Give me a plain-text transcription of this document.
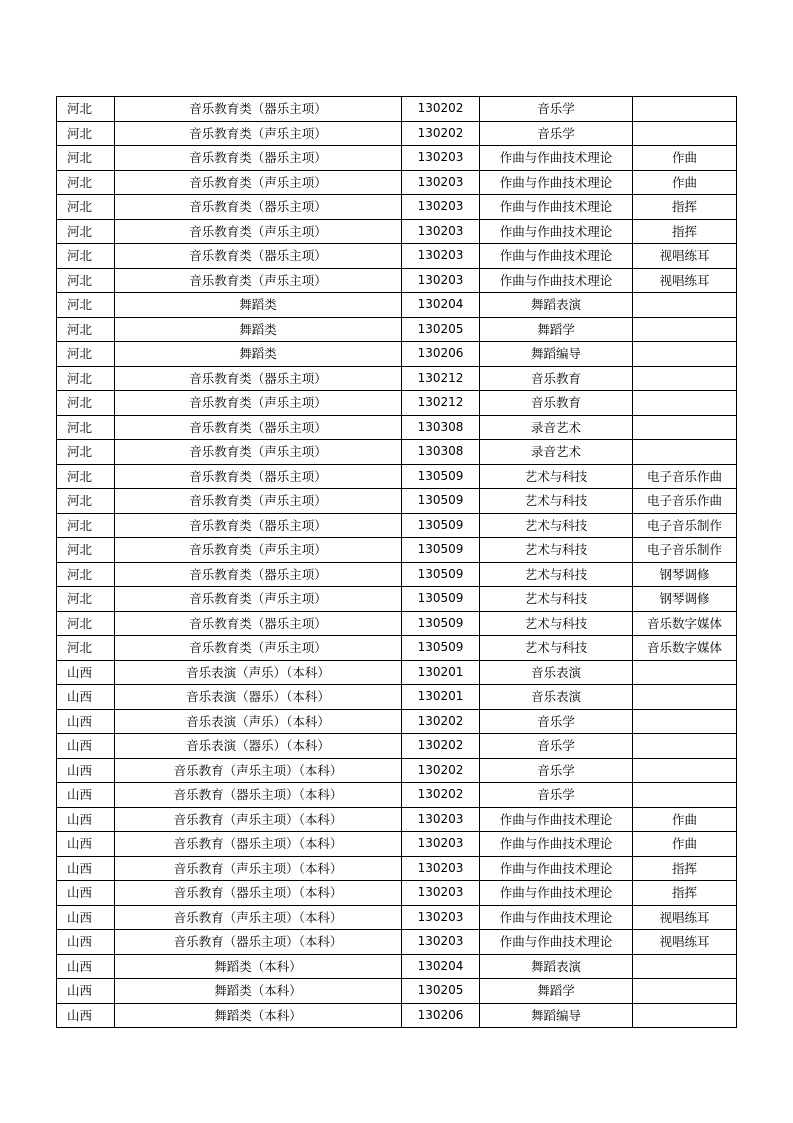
河北	音乐教育类（器乐主项）	130202	音乐学	
河北	音乐教育类（声乐主项）	130202	音乐学	
河北	音乐教育类（器乐主项）	130203	作曲与作曲技术理论	作曲
河北	音乐教育类（声乐主项）	130203	作曲与作曲技术理论	作曲
河北	音乐教育类（器乐主项）	130203	作曲与作曲技术理论	指挥
河北	音乐教育类（声乐主项）	130203	作曲与作曲技术理论	指挥
河北	音乐教育类（器乐主项）	130203	作曲与作曲技术理论	视唱练耳
河北	音乐教育类（声乐主项）	130203	作曲与作曲技术理论	视唱练耳
河北	舞蹈类	130204	舞蹈表演	
河北	舞蹈类	130205	舞蹈学	
河北	舞蹈类	130206	舞蹈编导	
河北	音乐教育类（器乐主项）	130212	音乐教育	
河北	音乐教育类（声乐主项）	130212	音乐教育	
河北	音乐教育类（器乐主项）	130308	录音艺术	
河北	音乐教育类（声乐主项）	130308	录音艺术	
河北	音乐教育类（器乐主项）	130509	艺术与科技	电子音乐作曲
河北	音乐教育类（声乐主项）	130509	艺术与科技	电子音乐作曲
河北	音乐教育类（器乐主项）	130509	艺术与科技	电子音乐制作
河北	音乐教育类（声乐主项）	130509	艺术与科技	电子音乐制作
河北	音乐教育类（器乐主项）	130509	艺术与科技	钢琴调修
河北	音乐教育类（声乐主项）	130509	艺术与科技	钢琴调修
河北	音乐教育类（器乐主项）	130509	艺术与科技	音乐数字媒体
河北	音乐教育类（声乐主项）	130509	艺术与科技	音乐数字媒体
山西	音乐表演（声乐）（本科）	130201	音乐表演	
山西	音乐表演（器乐）（本科）	130201	音乐表演	
山西	音乐表演（声乐）（本科）	130202	音乐学	
山西	音乐表演（器乐）（本科）	130202	音乐学	
山西	音乐教育（声乐主项）（本科）	130202	音乐学	
山西	音乐教育（器乐主项）（本科）	130202	音乐学	
山西	音乐教育（声乐主项）（本科）	130203	作曲与作曲技术理论	作曲
山西	音乐教育（器乐主项）（本科）	130203	作曲与作曲技术理论	作曲
山西	音乐教育（声乐主项）（本科）	130203	作曲与作曲技术理论	指挥
山西	音乐教育（器乐主项）（本科）	130203	作曲与作曲技术理论	指挥
山西	音乐教育（声乐主项）（本科）	130203	作曲与作曲技术理论	视唱练耳
山西	音乐教育（器乐主项）（本科）	130203	作曲与作曲技术理论	视唱练耳
山西	舞蹈类（本科）	130204	舞蹈表演	
山西	舞蹈类（本科）	130205	舞蹈学	
山西	舞蹈类（本科）	130206	舞蹈编导	
